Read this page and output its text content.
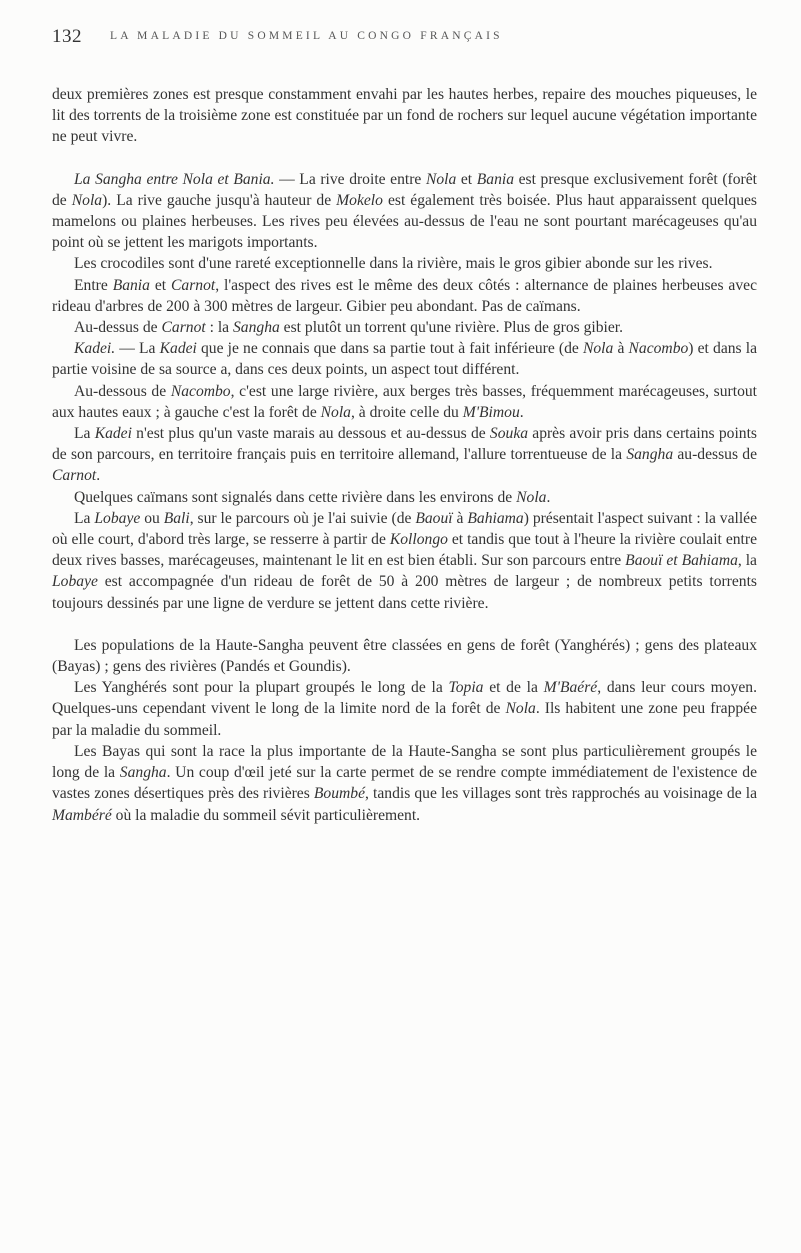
132 LA MALADIE DU SOMMEIL AU CONGO FRANÇAIS

deux premières zones est presque constamment envahi par les hautes herbes, repaire des mouches piqueuses, le lit des torrents de la troisième zone est constituée par un fond de rochers sur lequel aucune végétation importante ne peut vivre.

La Sangha entre Nola et Bania. — La rive droite entre Nola et Bania est presque exclusivement forêt (forêt de Nola). La rive gauche jusqu'à hauteur de Mokelo est également très boisée. Plus haut apparaissent quelques mamelons ou plaines herbeuses. Les rives peu élevées au-dessus de l'eau ne sont pourtant marécageuses qu'au point où se jettent les marigots importants.

Les crocodiles sont d'une rareté exceptionnelle dans la rivière, mais le gros gibier abonde sur les rives.

Entre Bania et Carnot, l'aspect des rives est le même des deux côtés : alternance de plaines herbeuses avec rideau d'arbres de 200 à 300 mètres de largeur. Gibier peu abondant. Pas de caïmans.

Au-dessus de Carnot : la Sangha est plutôt un torrent qu'une rivière. Plus de gros gibier.

Kadei. — La Kadei que je ne connais que dans sa partie tout à fait inférieure (de Nola à Nacombo) et dans la partie voisine de sa source a, dans ces deux points, un aspect tout différent.

Au-dessous de Nacombo, c'est une large rivière, aux berges très basses, fréquemment marécageuses, surtout aux hautes eaux ; à gauche c'est la forêt de Nola, à droite celle du M'Bimou.

La Kadei n'est plus qu'un vaste marais au dessous et au-dessus de Souka après avoir pris dans certains points de son parcours, en territoire français puis en territoire allemand, l'allure torrentueuse de la Sangha au-dessus de Carnot.

Quelques caïmans sont signalés dans cette rivière dans les environs de Nola.

La Lobaye ou Bali, sur le parcours où je l'ai suivie (de Baouï à Bahiama) présentait l'aspect suivant : la vallée où elle court, d'abord très large, se resserre à partir de Kollongo et tandis que tout à l'heure la rivière coulait entre deux rives basses, marécageuses, maintenant le lit en est bien établi. Sur son parcours entre Baouï et Bahiama, la Lobaye est accompagnée d'un rideau de forêt de 50 à 200 mètres de largeur ; de nombreux petits torrents toujours dessinés par une ligne de verdure se jettent dans cette rivière.

Les populations de la Haute-Sangha peuvent être classées en gens de forêt (Yanghérés) ; gens des plateaux (Bayas) ; gens des rivières (Pandés et Goundis).

Les Yanghérés sont pour la plupart groupés le long de la Topia et de la M'Baéré, dans leur cours moyen. Quelques-uns cependant vivent le long de la limite nord de la forêt de Nola. Ils habitent une zone peu frappée par la maladie du sommeil.

Les Bayas qui sont la race la plus importante de la Haute-Sangha se sont plus particulièrement groupés le long de la Sangha. Un coup d'œil jeté sur la carte permet de se rendre compte immédiatement de l'existence de vastes zones désertiques près des rivières Boumbé, tandis que les villages sont très rapprochés au voisinage de la Mambéré où la maladie du sommeil sévit particulièrement.
